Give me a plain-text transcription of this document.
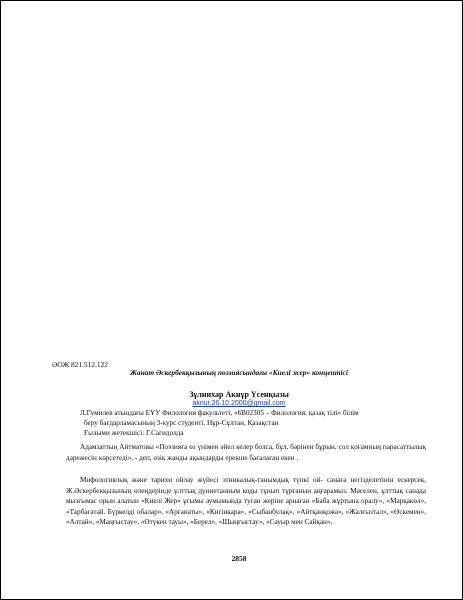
ӘОЖ 821.512.122
Жанат Әскербекқызының поэзиясындағы «Киелі жер» концептісі
Зұлнихар Акнұр Үсенқызы
aknur.26.10.2000@gmail.com
Л.Гумилев атындағы ЕҰУ Филология факультеті, «6В02305 – Филология: қазақ тілі» білім
беру бағдарламасының 3-курс студенті, Нұр-Сұлтан, Қазақстан
Ғылыми жетекшісі: Г.Сагидолда
Адамзаттың Айтматовы «Поэзияға өз үнімен әйел келер болса, бұл, бәрінен бұрын, сол қоғамның парасаттылық дәрежесін көрсетеді», - деп, өзік жанды ақындарды ерекше бағалаған екен .
Мифологиялық және тарихи ойлау жүйесі этникалық-танымдық түпкі ой- санаға негізделетінін ескерсек, Ж.Әскербекқызының өлеңдерінде ұлттық дүниетанным коды тұнып тұрғанын аңғарамыз. Мәселен, ұлттық санада мызғымас орын алатын «Киелі Жер» ұғымы аумымында туған жеріне арнаған «Баба жұртына оралу», «Марқакөл», «Тарбағатай. Бүркелді обалар», «Арғанаты», «Кигінкара», «Сыбанбулақ», «Айтқанқожа», «Жалғызтал», «Өскемен», «Алтай», «Маңғыстау», «Өтүкен тауы», «Берел», «Шыңғыстау», «Сауыр мен Сайқан»,
2858
